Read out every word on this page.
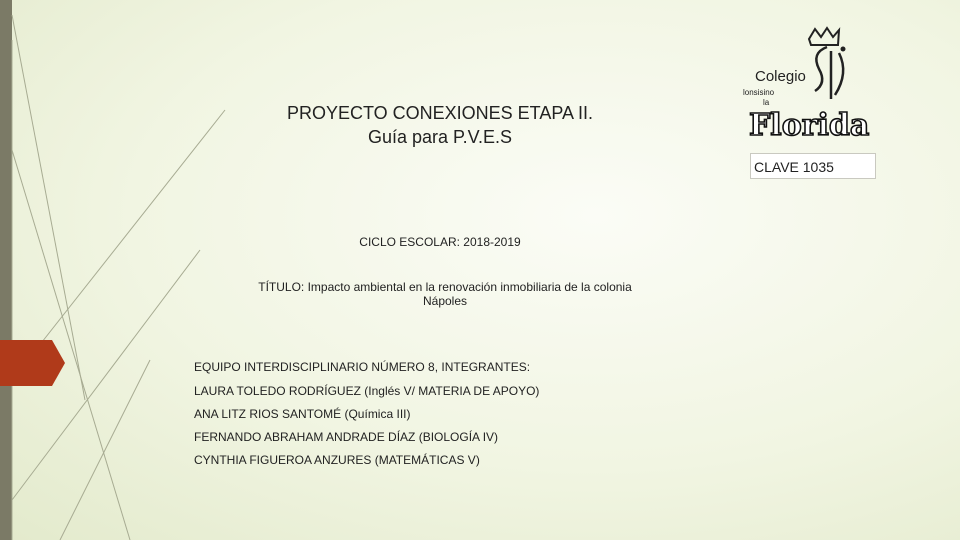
PROYECTO CONEXIONES ETAPA II.
Guía para P.V.E.S
Colegio
lonsisino
la
Florida
CLAVE 1035
CICLO ESCOLAR: 2018-2019
TÍTULO: Impacto ambiental en la renovación inmobiliaria de la colonia
Nápoles
EQUIPO INTERDISCIPLINARIO NÚMERO 8, INTEGRANTES:
LAURA TOLEDO RODRÍGUEZ (Inglés V/ MATERIA DE APOYO)
ANA LITZ RIOS SANTOMÉ (Química III)
FERNANDO ABRAHAM ANDRADE DÍAZ (BIOLOGÍA IV)
CYNTHIA FIGUEROA ANZURES (MATEMÁTICAS V)
